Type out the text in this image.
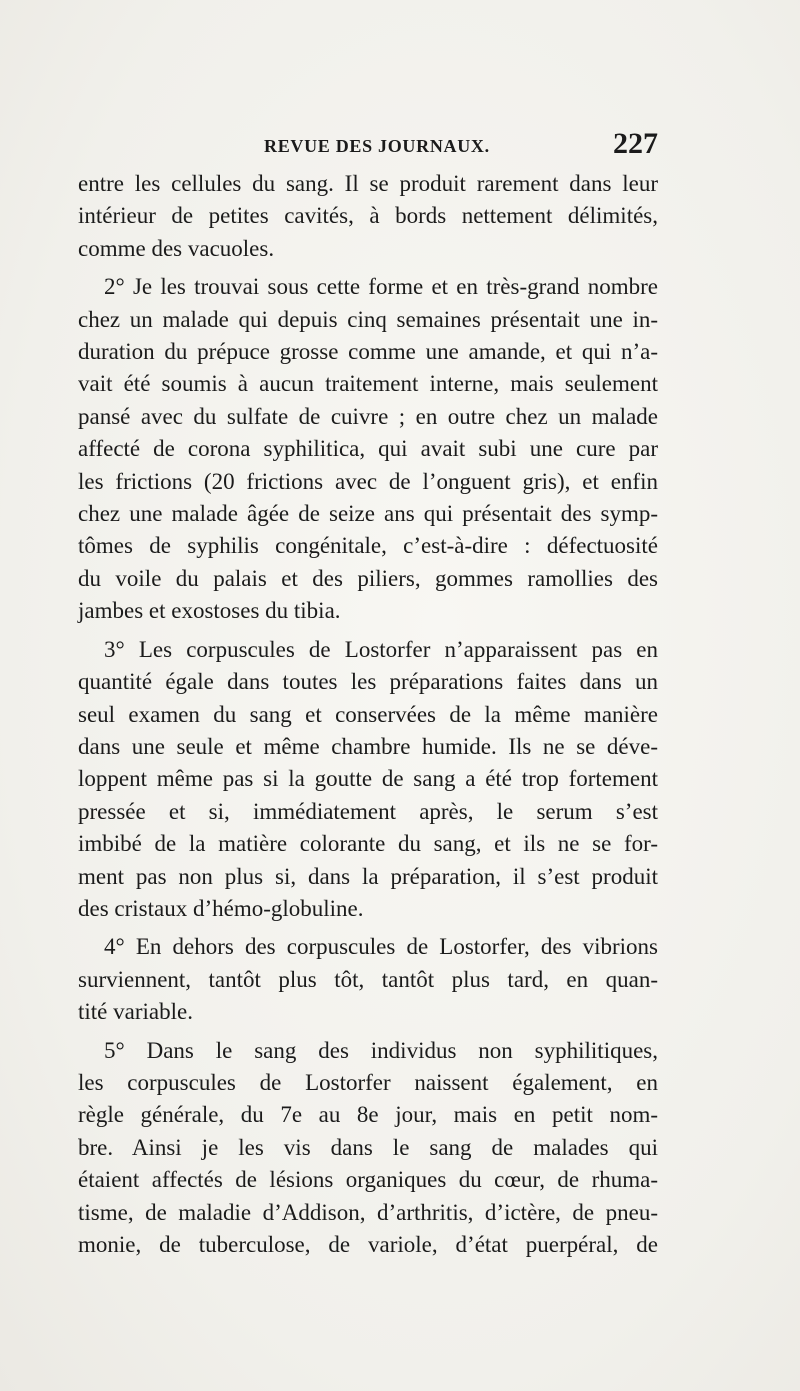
REVUE DES JOURNAUX.	227

entre les cellules du sang. Il se produit rarement dans leur
intérieur de petites cavités, à bords nettement délimités,
comme des vacuoles.

2° Je les trouvai sous cette forme et en très-grand nombre
chez un malade qui depuis cinq semaines présentait une in-
duration du prépuce grosse comme une amande, et qui n’a-
vait été soumis à aucun traitement interne, mais seulement
pansé avec du sulfate de cuivre ; en outre chez un malade
affecté de corona syphilitica, qui avait subi une cure par
les frictions (20 frictions avec de l’onguent gris), et enfin
chez une malade âgée de seize ans qui présentait des symp-
tômes de syphilis congénitale, c’est-à-dire : défectuosité
du voile du palais et des piliers, gommes ramollies des
jambes et exostoses du tibia.

3° Les corpuscules de Lostorfer n’apparaissent pas en
quantité égale dans toutes les préparations faites dans un
seul examen du sang et conservées de la même manière
dans une seule et même chambre humide. Ils ne se déve-
loppent même pas si la goutte de sang a été trop fortement
pressée et si, immédiatement après, le serum s’est
imbibé de la matière colorante du sang, et ils ne se for-
ment pas non plus si, dans la préparation, il s’est produit
des cristaux d’hémo-globuline.

4° En dehors des corpuscules de Lostorfer, des vibrions
surviennent, tantôt plus tôt, tantôt plus tard, en quan-
tité variable.

5° Dans le sang des individus non syphilitiques,
les corpuscules de Lostorfer naissent également, en
règle générale, du 7e au 8e jour, mais en petit nom-
bre. Ainsi je les vis dans le sang de malades qui
étaient affectés de lésions organiques du cœur, de rhuma-
tisme, de maladie d’Addison, d’arthritis, d’ictère, de pneu-
monie, de tuberculose, de variole, d’état puerpéral, de
